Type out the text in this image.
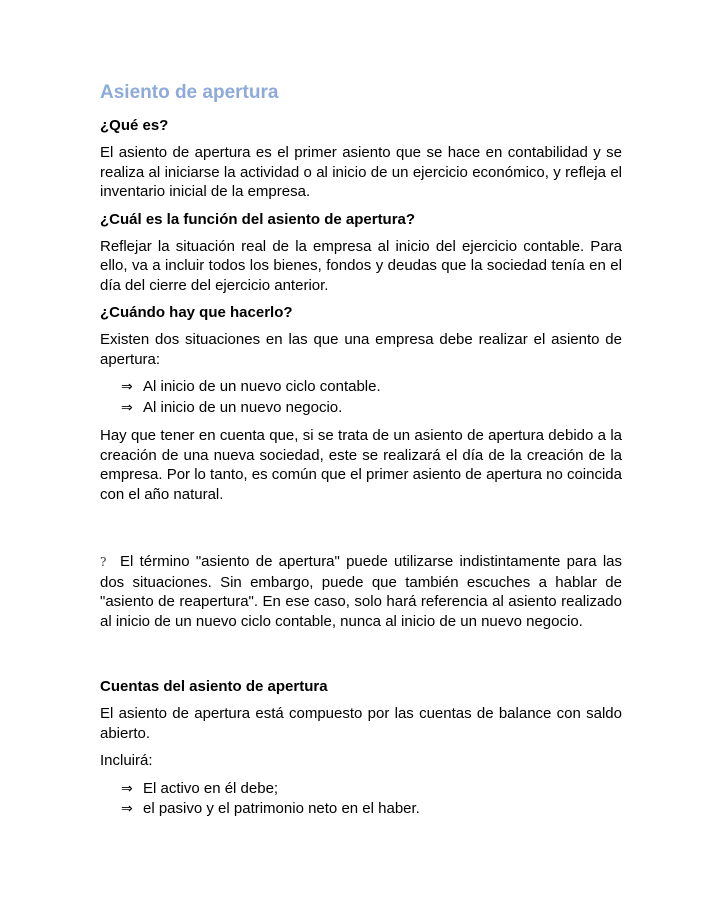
Asiento de apertura
¿Qué es?
El asiento de apertura es el primer asiento que se hace en contabilidad y se realiza al iniciarse la actividad o al inicio de un ejercicio económico, y refleja el inventario inicial de la empresa.
¿Cuál es la función del asiento de apertura?
Reflejar la situación real de la empresa al inicio del ejercicio contable. Para ello, va a incluir todos los bienes, fondos y deudas que la sociedad tenía en el día del cierre del ejercicio anterior.
¿Cuándo hay que hacerlo?
Existen dos situaciones en las que una empresa debe realizar el asiento de apertura:
⇒ Al inicio de un nuevo ciclo contable.
⇒ Al inicio de un nuevo negocio.
Hay que tener en cuenta que, si se trata de un asiento de apertura debido a la creación de una nueva sociedad, este se realizará el día de la creación de la empresa. Por lo tanto, es común que el primer asiento de apertura no coincida con el año natural.
? El término "asiento de apertura" puede utilizarse indistintamente para las dos situaciones. Sin embargo, puede que también escuches a hablar de "asiento de reapertura". En ese caso, solo hará referencia al asiento realizado al inicio de un nuevo ciclo contable, nunca al inicio de un nuevo negocio.
Cuentas del asiento de apertura
El asiento de apertura está compuesto por las cuentas de balance con saldo abierto.
Incluirá:
⇒ El activo en él debe;
⇒ el pasivo y el patrimonio neto en el haber.
